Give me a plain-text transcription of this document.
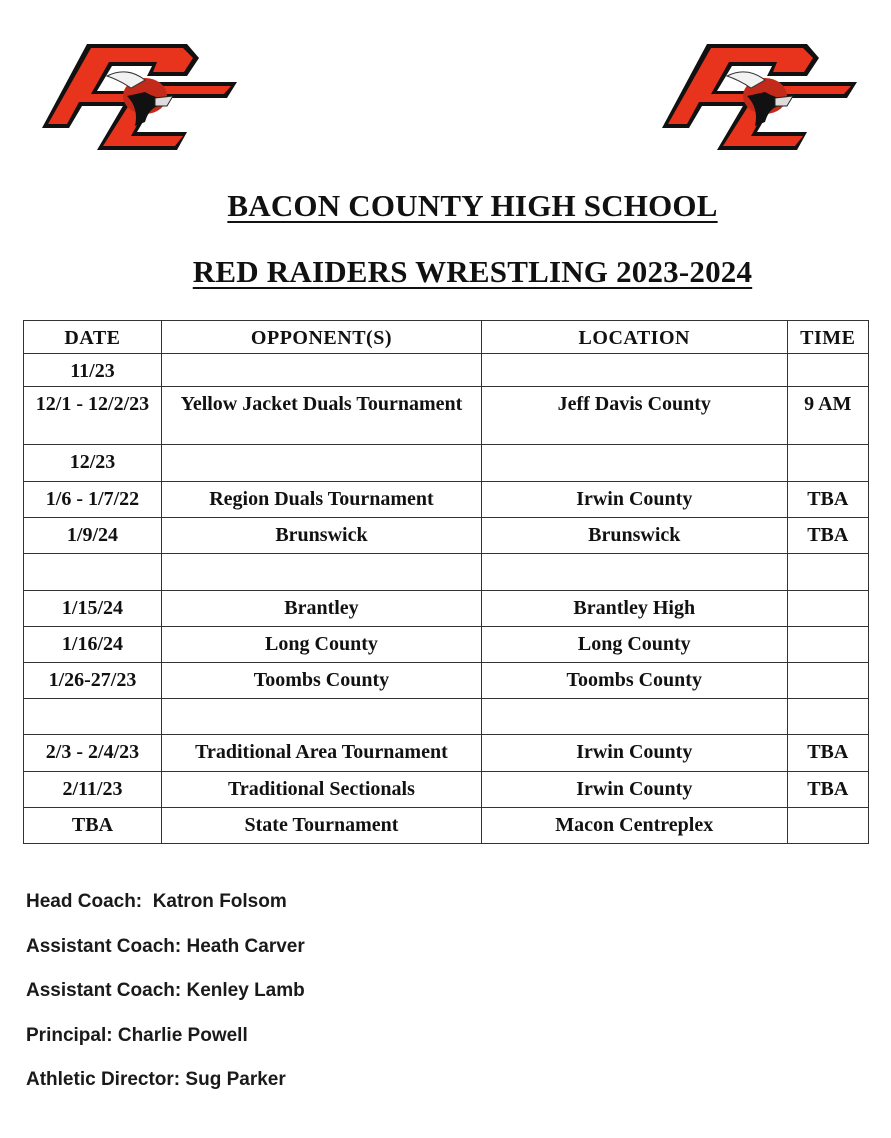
BACON COUNTY HIGH SCHOOL
RED RAIDERS WRESTLING 2023-2024
DATE	OPPONENT(S)	LOCATION	TIME
11/23			
12/1 - 12/2/23	Yellow Jacket Duals Tournament	Jeff Davis County	9 AM
12/23			
1/6 - 1/7/22	Region Duals Tournament	Irwin County	TBA
1/9/24	Brunswick	Brunswick	TBA

1/15/24	Brantley	Brantley High	
1/16/24	Long County	Long County	
1/26-27/23	Toombs County	Toombs County	

2/3 - 2/4/23	Traditional Area Tournament	Irwin County	TBA
2/11/23	Traditional Sectionals	Irwin County	TBA
TBA	State Tournament	Macon Centreplex	
Head Coach:  Katron Folsom
Assistant Coach: Heath Carver
Assistant Coach: Kenley Lamb
Principal: Charlie Powell
Athletic Director: Sug Parker
